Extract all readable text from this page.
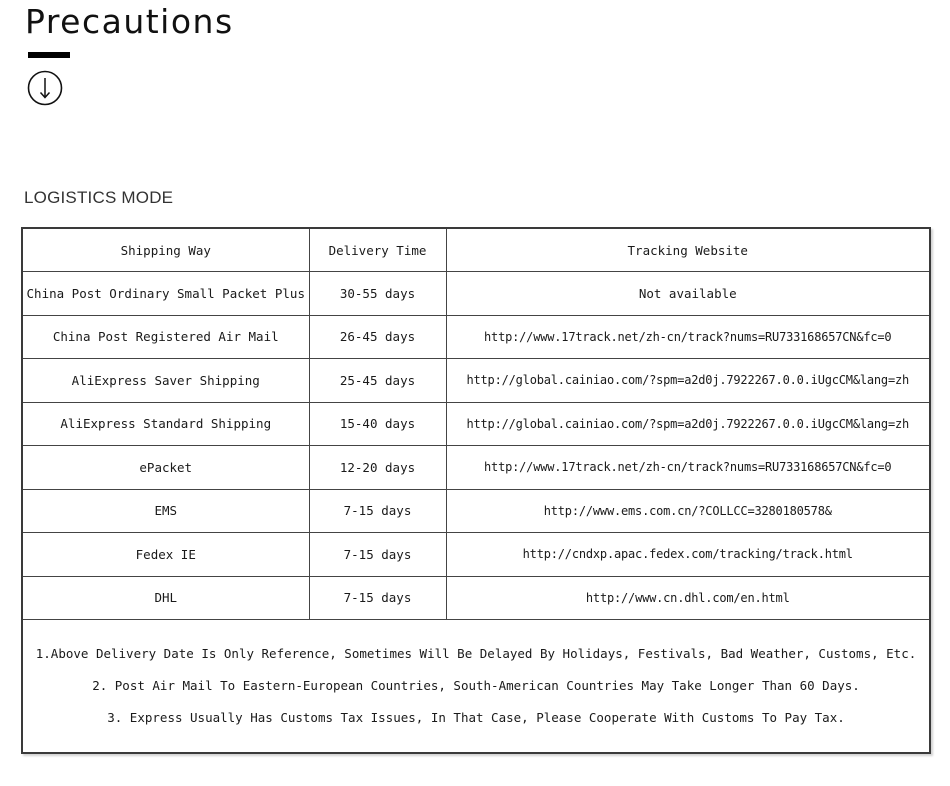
Precautions
LOGISTICS MODE
Shipping Way	Delivery Time	Tracking Website
China Post Ordinary Small Packet Plus	30-55 days	Not available
China Post Registered Air Mail	26-45 days	http://www.17track.net/zh-cn/track?nums=RU733168657CN&fc=0
AliExpress Saver Shipping	25-45 days	http://global.cainiao.com/?spm=a2d0j.7922267.0.0.iUgcCM&lang=zh
AliExpress Standard Shipping	15-40 days	http://global.cainiao.com/?spm=a2d0j.7922267.0.0.iUgcCM&lang=zh
ePacket	12-20 days	http://www.17track.net/zh-cn/track?nums=RU733168657CN&fc=0
EMS	7-15 days	http://www.ems.com.cn/?COLLCC=3280180578&
Fedex IE	7-15 days	http://cndxp.apac.fedex.com/tracking/track.html
DHL	7-15 days	http://www.cn.dhl.com/en.html
1.Above Delivery Date Is Only Reference, Sometimes Will Be Delayed By Holidays, Festivals, Bad Weather, Customs, Etc.
2. Post Air Mail To Eastern-European Countries, South-American Countries May Take Longer Than 60 Days.
3. Express Usually Has Customs Tax Issues, In That Case, Please Cooperate With Customs To Pay Tax.
